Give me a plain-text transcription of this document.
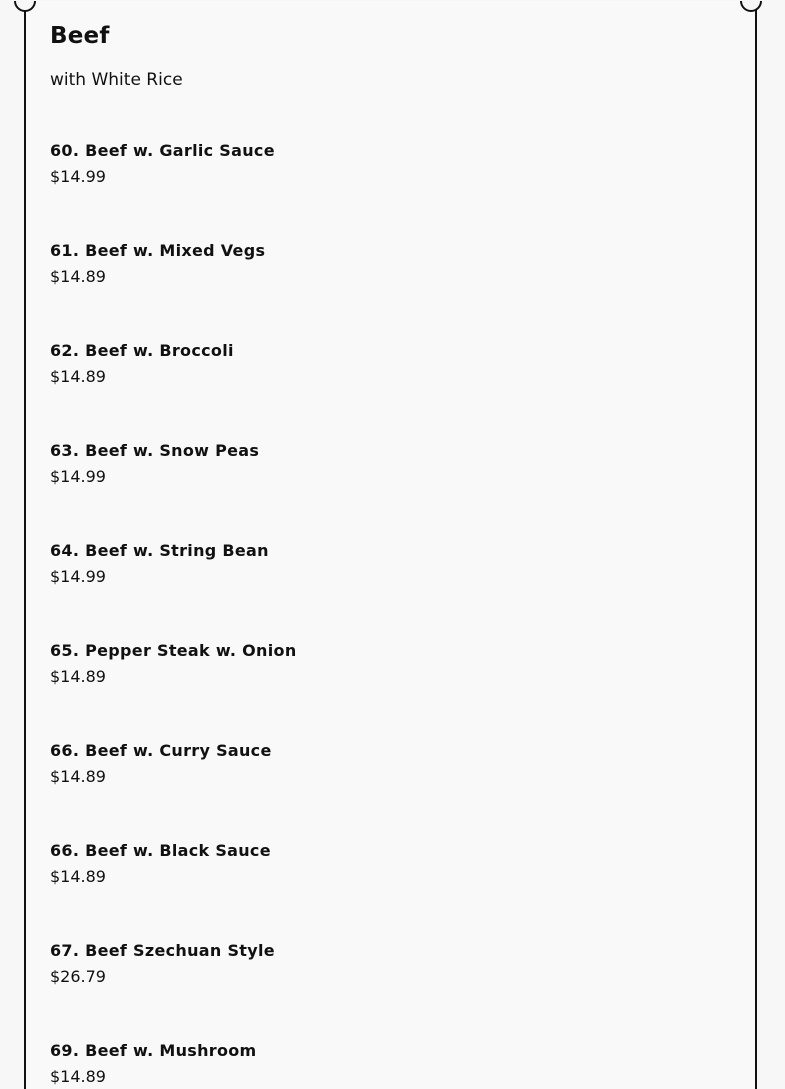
Beef

with White Rice

60. Beef w. Garlic Sauce
$14.99
61. Beef w. Mixed Vegs
$14.89
62. Beef w. Broccoli
$14.89
63. Beef w. Snow Peas
$14.99
64. Beef w. String Bean
$14.99
65. Pepper Steak w. Onion
$14.89
66. Beef w. Curry Sauce
$14.89
66. Beef w. Black Sauce
$14.89
67. Beef Szechuan Style
$26.79
69. Beef w. Mushroom
$14.89
